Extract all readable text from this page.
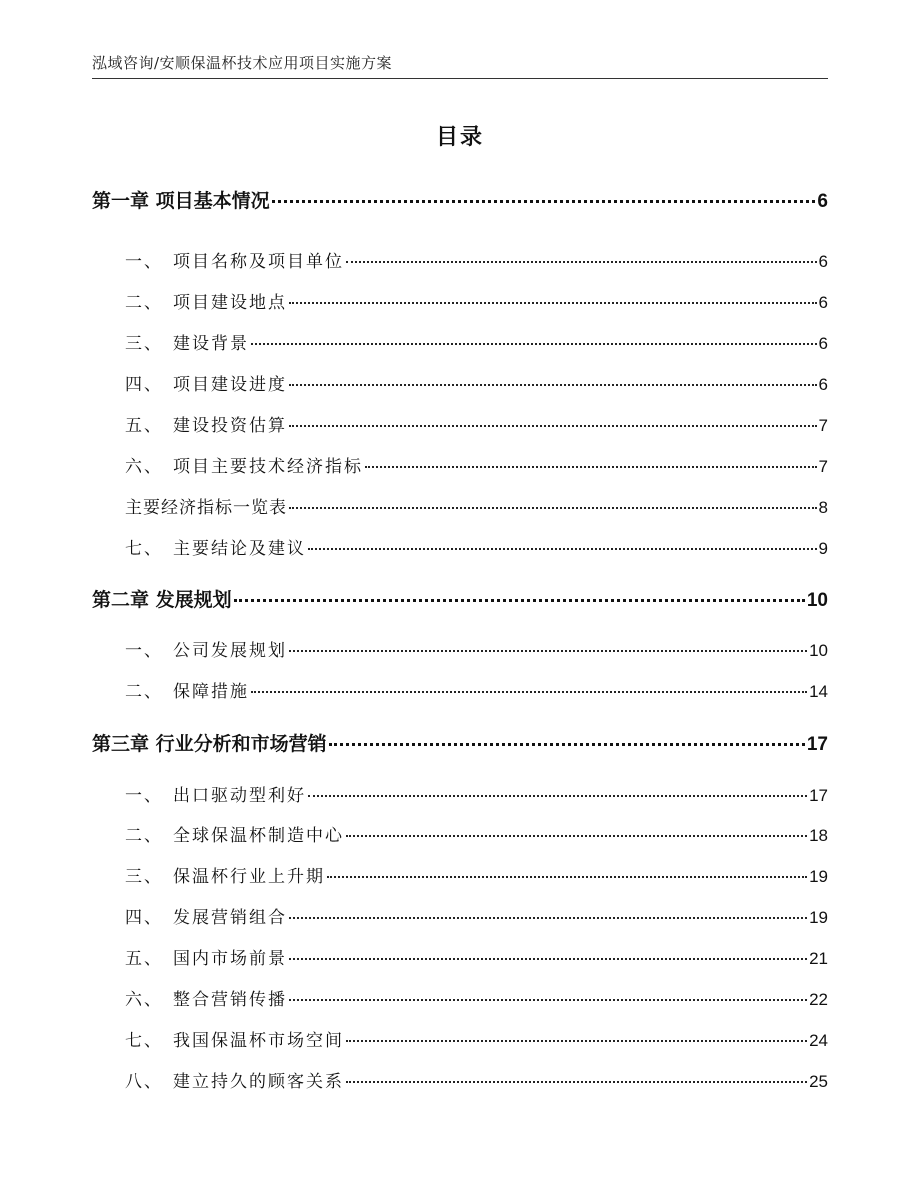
泓域咨询/安顺保温杯技术应用项目实施方案
目录
第一章 项目基本情况	6
一、 项目名称及项目单位	6
二、 项目建设地点	6
三、 建设背景	6
四、 项目建设进度	6
五、 建设投资估算	7
六、 项目主要技术经济指标	7
主要经济指标一览表	8
七、 主要结论及建议	9
第二章 发展规划	10
一、 公司发展规划	10
二、 保障措施	14
第三章 行业分析和市场营销	17
一、 出口驱动型利好	17
二、 全球保温杯制造中心	18
三、 保温杯行业上升期	19
四、 发展营销组合	19
五、 国内市场前景	21
六、 整合营销传播	22
七、 我国保温杯市场空间	24
八、 建立持久的顾客关系	25
